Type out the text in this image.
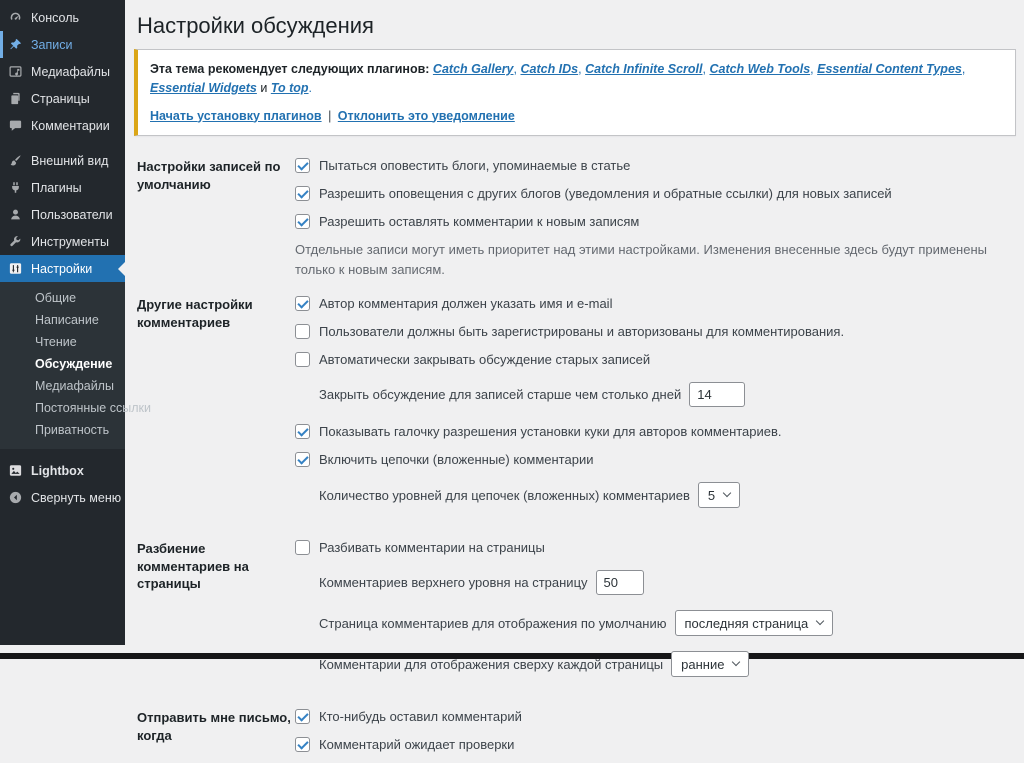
Консоль
Записи
Медиафайлы
Страницы
Комментарии
Внешний вид
Плагины
Пользователи
Инструменты
Настройки
Общие
Написание
Чтение
Обсуждение
Медиафайлы
Постоянные ссылки
Приватность
Lightbox
Свернуть меню
Настройки обсуждения

Эта тема рекомендует следующих плагинов: Catch Gallery, Catch IDs, Catch Infinite Scroll, Catch Web Tools, Essential Content Types, Essential Widgets и To top.

Начать установку плагинов | Отклонить это уведомление

Настройки записей по умолчанию
Пытаться оповестить блоги, упоминаемые в статье
Разрешить оповещения с других блогов (уведомления и обратные ссылки) для новых записей
Разрешить оставлять комментарии к новым записям

Отдельные записи могут иметь приоритет над этими настройками. Изменения внесенные здесь будут применены только к новым записям.

Другие настройки комментариев
Автор комментария должен указать имя и e-mail
Пользователи должны быть зарегистрированы и авторизованы для комментирования.
Автоматически закрывать обсуждение старых записей
Закрыть обсуждение для записей старше чем столько дней
14
Показывать галочку разрешения установки куки для авторов комментариев.
Включить цепочки (вложенные) комментарии
Количество уровней для цепочек (вложенных) комментариев 5
Разбиение комментариев на страницы
Разбивать комментарии на страницы
Комментариев верхнего уровня на страницу
50
Страница комментариев для отображения по умолчанию последняя страница
Комментарии для отображения сверху каждой страницы ранние
Отправить мне письмо, когда
Кто-нибудь оставил комментарий
Комментарий ожидает проверки
